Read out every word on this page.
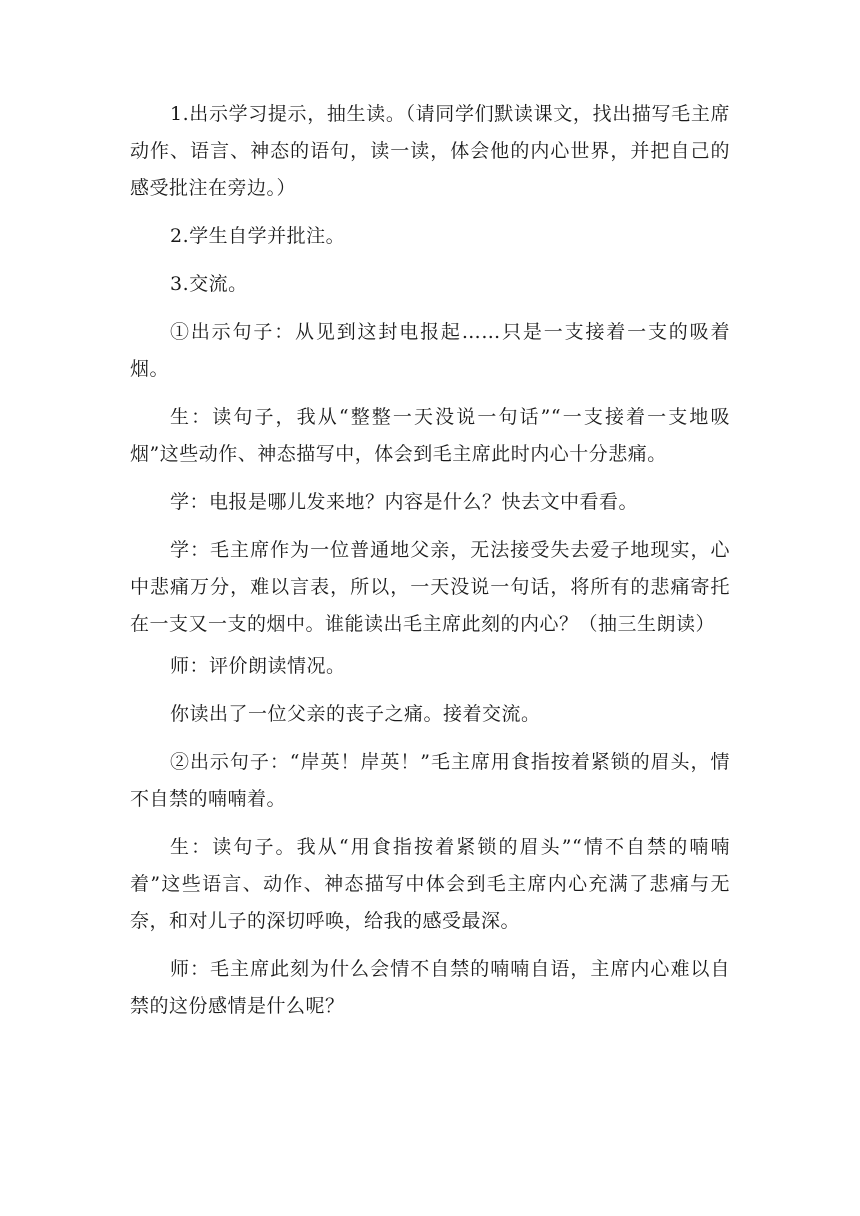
1.出示学习提示，抽生读。（请同学们默读课文，找出描写毛主席动作、语言、神态的语句，读一读，体会他的内心世界，并把自己的感受批注在旁边。）

2.学生自学并批注。

3.交流。

①出示句子：从见到这封电报起……只是一支接着一支的吸着烟。

生：读句子，我从“整整一天没说一句话”“一支接着一支地吸烟”这些动作、神态描写中，体会到毛主席此时内心十分悲痛。

学：电报是哪儿发来地？内容是什么？快去文中看看。

学：毛主席作为一位普通地父亲，无法接受失去爱子地现实，心中悲痛万分，难以言表，所以，一天没说一句话，将所有的悲痛寄托在一支又一支的烟中。谁能读出毛主席此刻的内心？（抽三生朗读）

师：评价朗读情况。

你读出了一位父亲的丧子之痛。接着交流。

②出示句子：“岸英！岸英！”毛主席用食指按着紧锁的眉头，情不自禁的喃喃着。

生：读句子。我从“用食指按着紧锁的眉头”“情不自禁的喃喃着”这些语言、动作、神态描写中体会到毛主席内心充满了悲痛与无奈，和对儿子的深切呼唤，给我的感受最深。

师：毛主席此刻为什么会情不自禁的喃喃自语，主席内心难以自禁的这份感情是什么呢？
